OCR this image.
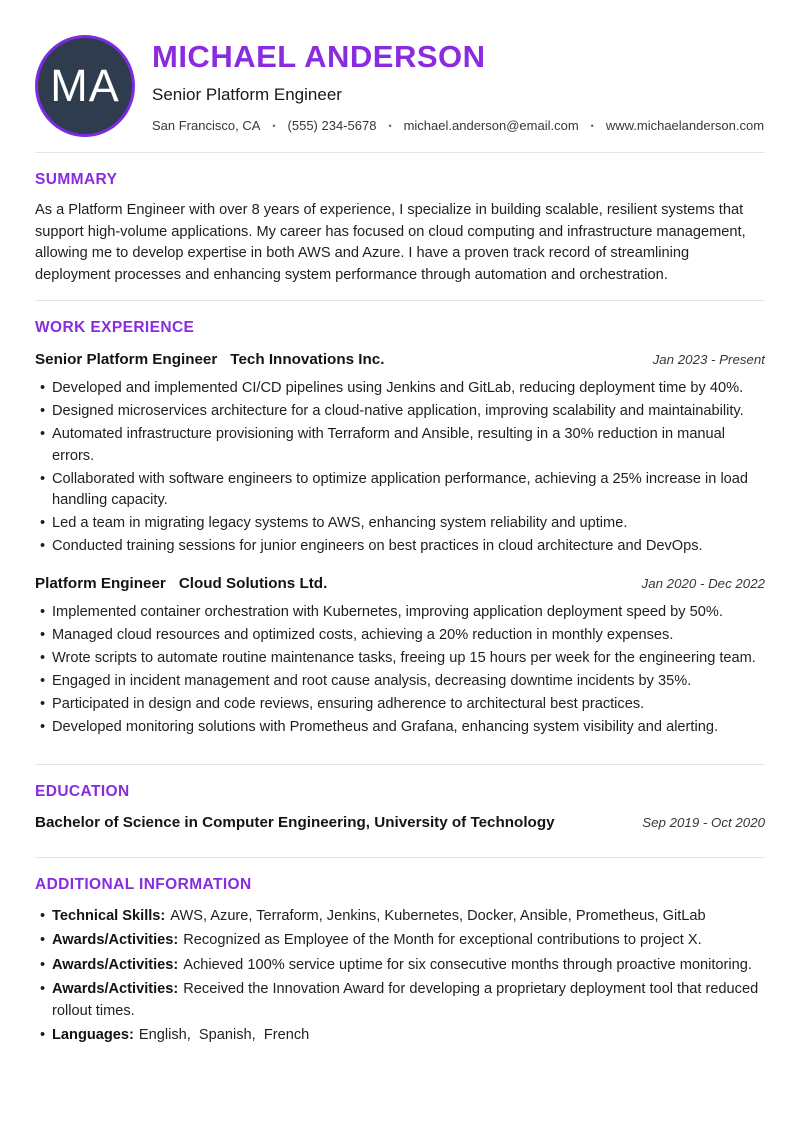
MA
MICHAEL ANDERSON
Senior Platform Engineer
San Francisco, CA • (555) 234-5678 • michael.anderson@email.com • www.michaelanderson.com
SUMMARY

As a Platform Engineer with over 8 years of experience, I specialize in building scalable, resilient systems that support high-volume applications. My career has focused on cloud computing and infrastructure management, allowing me to develop expertise in both AWS and Azure. I have a proven track record of streamlining deployment processes and enhancing system performance through automation and orchestration.

WORK EXPERIENCE
Senior Platform Engineer Tech Innovations Inc.	Jan 2023 - Present
• Developed and implemented CI/CD pipelines using Jenkins and GitLab, reducing deployment time by 40%.
• Designed microservices architecture for a cloud-native application, improving scalability and maintainability.
• Automated infrastructure provisioning with Terraform and Ansible, resulting in a 30% reduction in manual errors.
• Collaborated with software engineers to optimize application performance, achieving a 25% increase in load handling capacity.
• Led a team in migrating legacy systems to AWS, enhancing system reliability and uptime.
• Conducted training sessions for junior engineers on best practices in cloud architecture and DevOps.
Platform Engineer Cloud Solutions Ltd.	Jan 2020 - Dec 2022
• Implemented container orchestration with Kubernetes, improving application deployment speed by 50%.
• Managed cloud resources and optimized costs, achieving a 20% reduction in monthly expenses.
• Wrote scripts to automate routine maintenance tasks, freeing up 15 hours per week for the engineering team.
• Engaged in incident management and root cause analysis, decreasing downtime incidents by 35%.
• Participated in design and code reviews, ensuring adherence to architectural best practices.
• Developed monitoring solutions with Prometheus and Grafana, enhancing system visibility and alerting.
EDUCATION
Bachelor of Science in Computer Engineering, University of Technology	Sep 2019 - Oct 2020
ADDITIONAL INFORMATION
• Technical Skills: AWS, Azure, Terraform, Jenkins, Kubernetes, Docker, Ansible, Prometheus, GitLab
• Awards/Activities: Recognized as Employee of the Month for exceptional contributions to project X.
• Awards/Activities: Achieved 100% service uptime for six consecutive months through proactive monitoring.
• Awards/Activities: Received the Innovation Award for developing a proprietary deployment tool that reduced rollout times.
• Languages: English,  Spanish,  French
